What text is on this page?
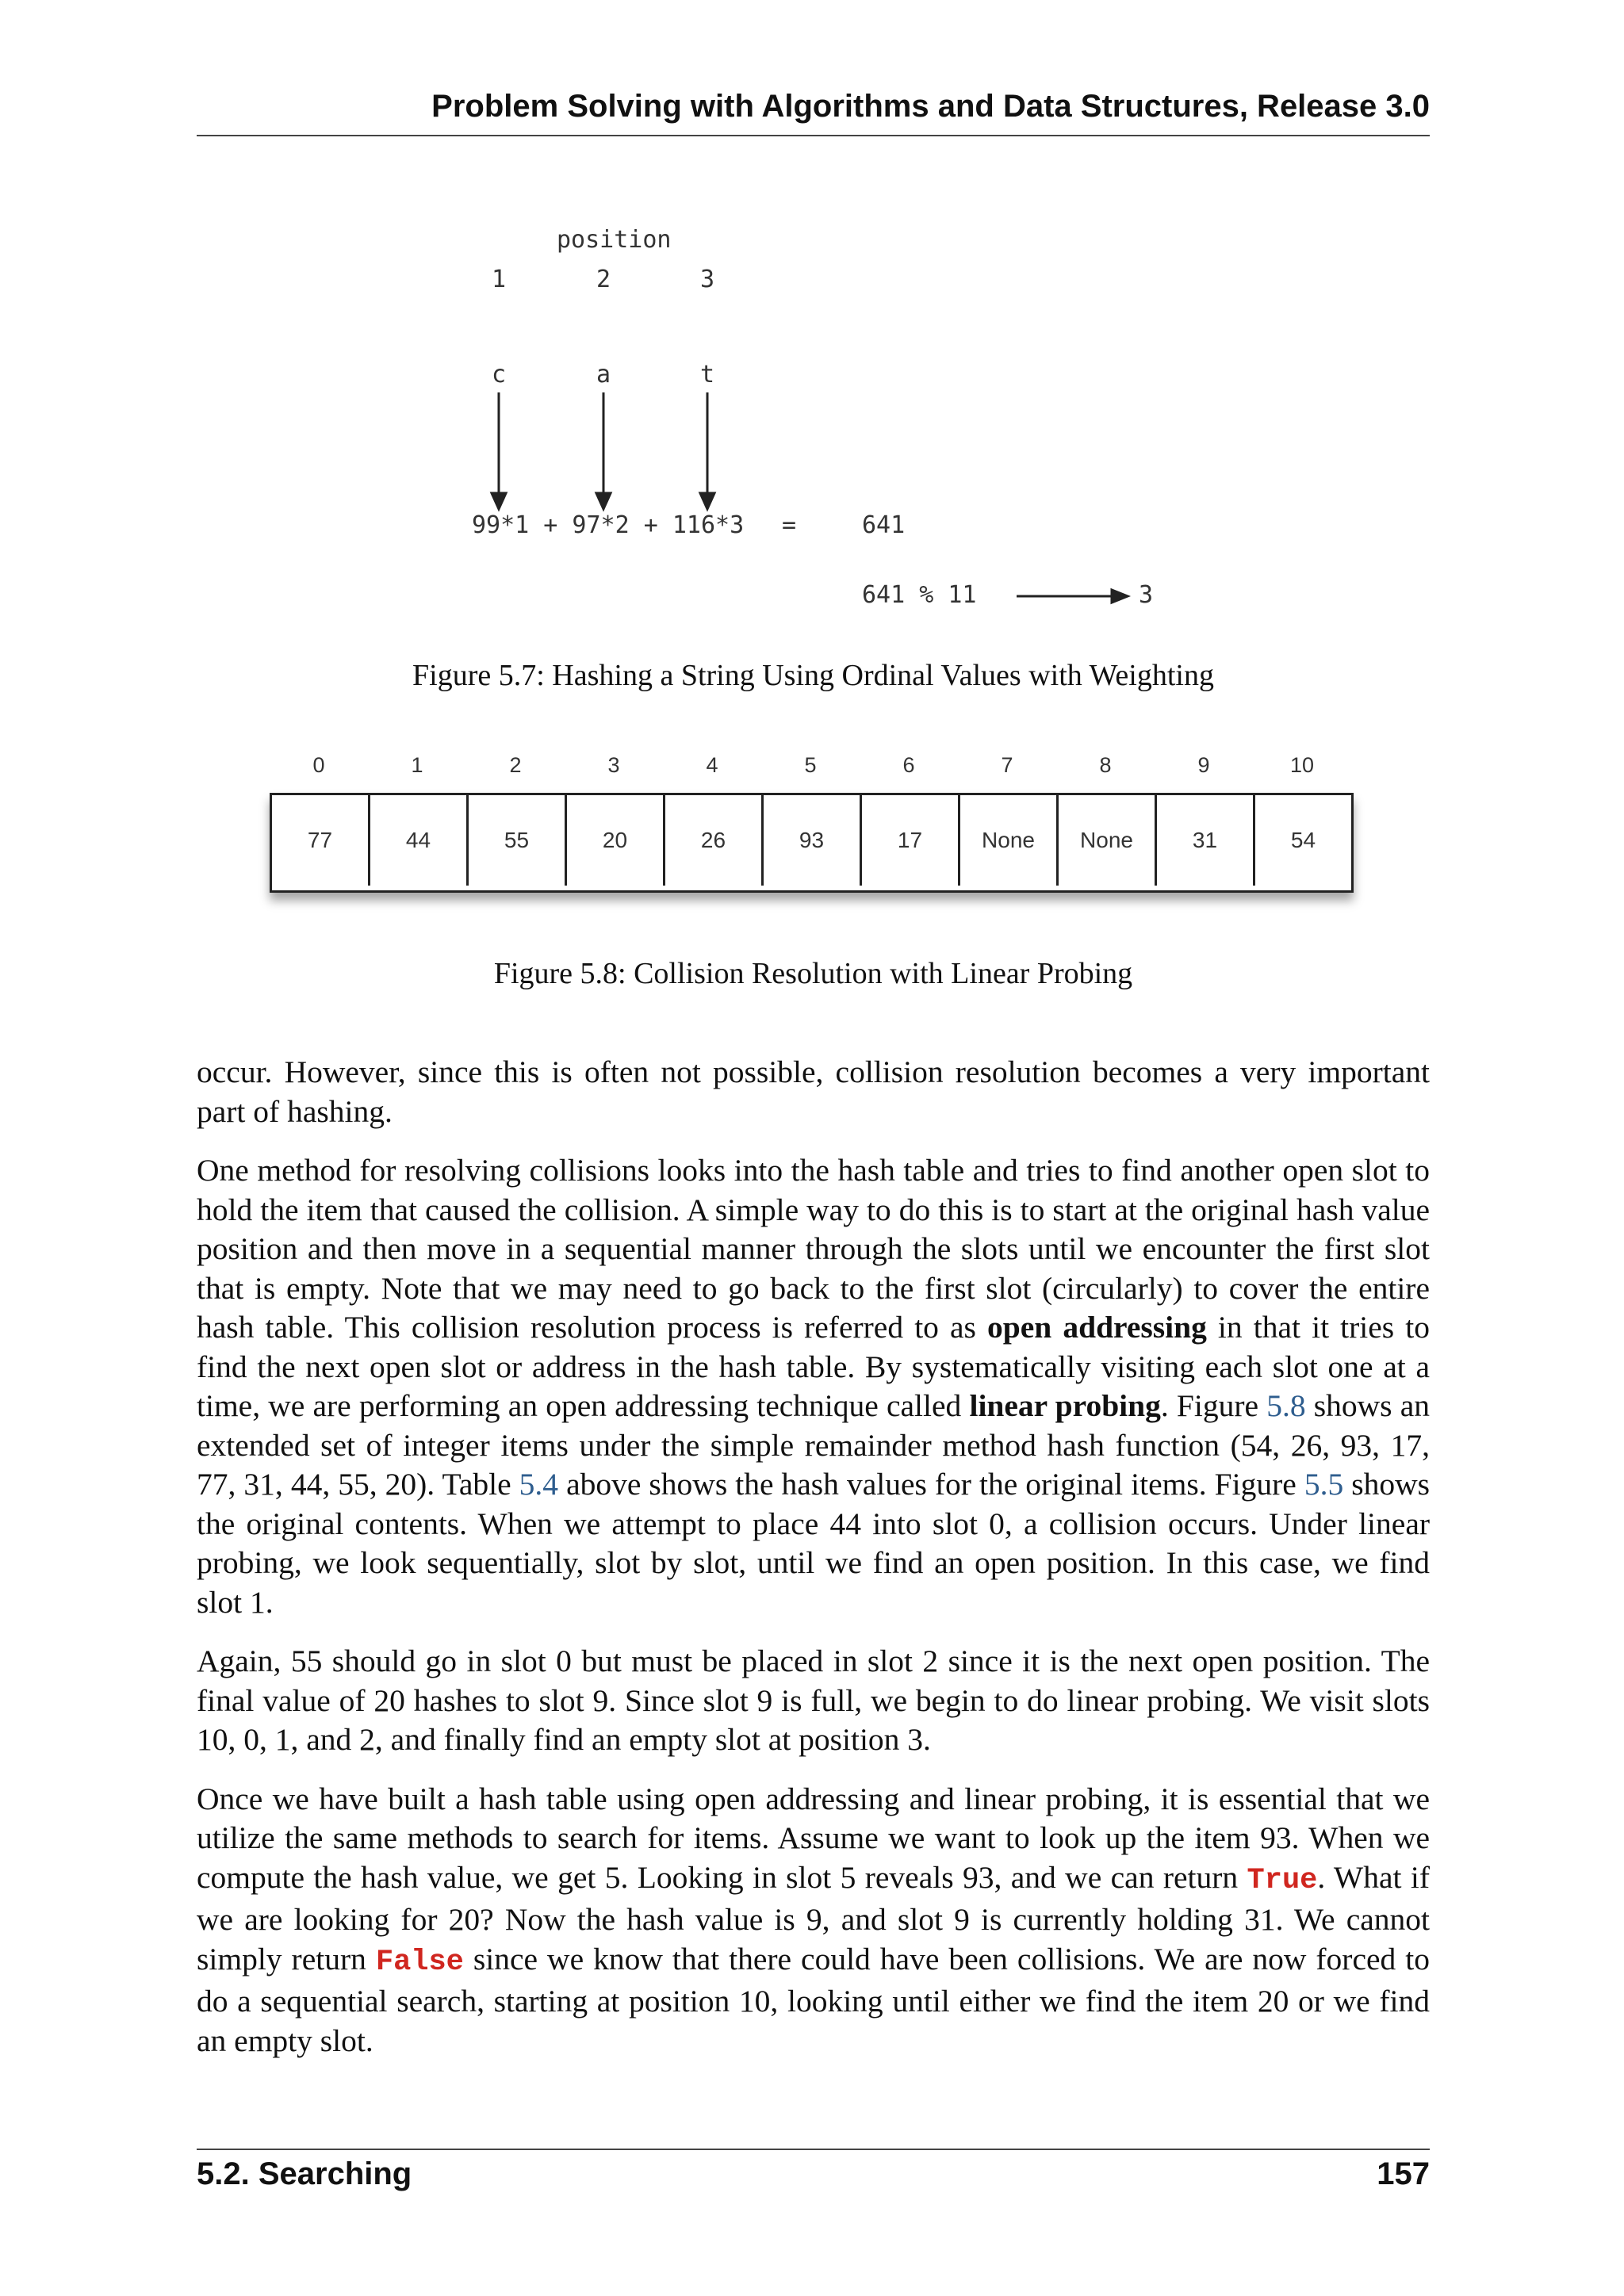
Problem Solving with Algorithms and Data Structures, Release 3.0
position
1	2	3
c	a	t
99*1 + 97*2 + 116*3 =	641
641 % 11	3
Figure 5.7: Hashing a String Using Ordinal Values with Weighting
0	1	2	3	4	5	6	7	8	9	10
77	44	55	20	26	93	17	None	None	31	54
Figure 5.8: Collision Resolution with Linear Probing

occur. However, since this is often not possible, collision resolution becomes a very important part of hashing.

One method for resolving collisions looks into the hash table and tries to find another open slot to hold the item that caused the collision. A simple way to do this is to start at the original hash value position and then move in a sequential manner through the slots until we encounter the first slot that is empty. Note that we may need to go back to the first slot (circularly) to cover the entire hash table. This collision resolution process is referred to as open addressing in that it tries to find the next open slot or address in the hash table. By systematically visiting each slot one at a time, we are performing an open addressing technique called linear probing. Figure 5.8 shows an extended set of integer items under the simple remainder method hash function (54, 26, 93, 17, 77, 31, 44, 55, 20). Table 5.4 above shows the hash values for the original items. Figure 5.5 shows the original contents. When we attempt to place 44 into slot 0, a collision occurs. Under linear probing, we look sequentially, slot by slot, until we find an open position. In this case, we find slot 1.

Again, 55 should go in slot 0 but must be placed in slot 2 since it is the next open position. The final value of 20 hashes to slot 9. Since slot 9 is full, we begin to do linear probing. We visit slots 10, 0, 1, and 2, and finally find an empty slot at position 3.

Once we have built a hash table using open addressing and linear probing, it is essential that we utilize the same methods to search for items. Assume we want to look up the item 93. When we compute the hash value, we get 5. Looking in slot 5 reveals 93, and we can return True. What if we are looking for 20? Now the hash value is 9, and slot 9 is currently holding 31. We cannot simply return False since we know that there could have been collisions. We are now forced to do a sequential search, starting at position 10, looking until either we find the item 20 or we find an empty slot.

5.2. Searching	157
